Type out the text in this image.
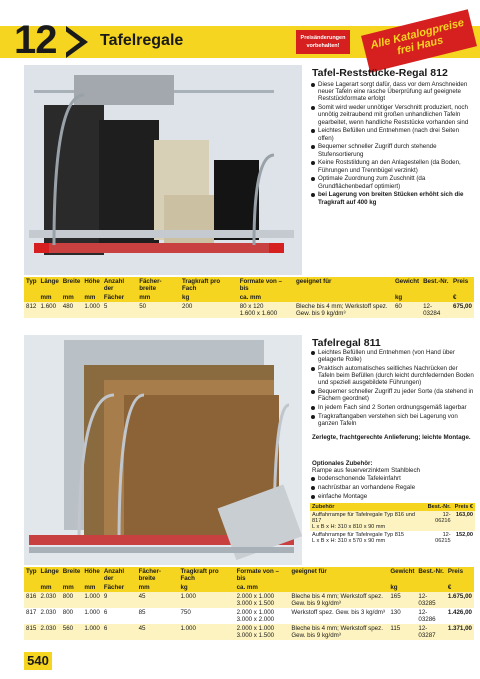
12	Tafelregale	Preisänderungen vorbehalten!	Alle Katalogpreise frei Haus
Tafel-Reststücke-Regal 812
Diese Lagerart sorgt dafür, dass vor dem Anschneiden neuer Tafeln eine rasche Überprüfung auf geeignete Reststückformate erfolgt
Somit wird weder unnötiger Verschnitt produziert, noch unnötig zeitraubend mit großen unhandlichen Tafeln gearbeitet, wenn handliche Reststücke vorhanden sind
Leichtes Befüllen und Entnehmen (nach drei Seiten offen)
Bequemer schneller Zugriff durch stehende Stufensortierung
Keine Roststildung an den Anlagestellen (da Boden, Führungen und Trennbügel verzinkt)
Optimale Zuordnung zum Zuschnitt (da Grundflächenbedarf optimiert)
bei Lagerung von breiten Stücken erhöht sich die Tragkraft auf 400 kg
Typ	Länge	Breite	Höhe	Anzahl der	Fächer-breite	Tragkraft pro Fach	Formate von – bis	geeignet für	Gewicht	Best.-Nr.	Preis
	mm	mm	mm	Fächer	mm	kg	ca. mm		kg		€
812	1.600	480	1.000	5	50	200	80 x 120
1.600 x 1.600	Bleche bis 4 mm; Werkstoff spez. Gew. bis 9 kg/dm³	60	12-03284	675,00
Tafelregal 811
Leichtes Befüllen und Entnehmen (von Hand über gelagerte Rolle)
Praktisch automatisches seitliches Nachrücken der Tafeln beim Befüllen (durch leicht durchfedernden Boden und speziell ausgebildete Führungen)
Bequemer schneller Zugriff zu jeder Sorte (da stehend in Fächern geordnet)
In jedem Fach sind 2 Sorten ordnungsgemäß lagerbar
Tragkraftangaben verstehen sich bei Lagerung von ganzen Tafeln
Zerlegte, frachtgerechte Anlieferung; leichte Montage.
Optionales Zubehör:
Rampe aus feuerverzinktem Stahlblech
bodenschonende Tafeleinfahrt
nachrüstbar an vorhandene Regale
einfache Montage
Zubehör	Best.-Nr.	Preis €
Auffahrrampe für Tafelregale Typ 816 und 817
L x B x H: 310 x 810 x 90 mm	12-06216	163,00
Auffahrrampe für Tafelregale Typ 815
L x B x H: 310 x 570 x 90 mm	12-06215	152,00
Typ	Länge	Breite	Höhe	Anzahl der	Fächer-breite	Tragkraft pro Fach	Formate von – bis	geeignet für	Gewicht	Best.-Nr.	Preis
	mm	mm	mm	Fächer	mm	kg	ca. mm		kg		€
816	2.030	800	1.000	9	45	1.000	2.000 x 1.000
3.000 x 1.500	Bleche bis 4 mm; Werkstoff spez. Gew. bis 9 kg/dm³	165	12-03285	1.675,00
817	2.030	800	1.000	6	85	750	2.000 x 1.000
3.000 x 2.000	Werkstoff spez. Gew. bis 3 kg/dm³	130	12-03286	1.426,00
815	2.030	560	1.000	6	45	1.000	2.000 x 1.000
3.000 x 1.500	Bleche bis 4 mm; Werkstoff spez. Gew. bis 9 kg/dm³	115	12-03287	1.371,00
540
